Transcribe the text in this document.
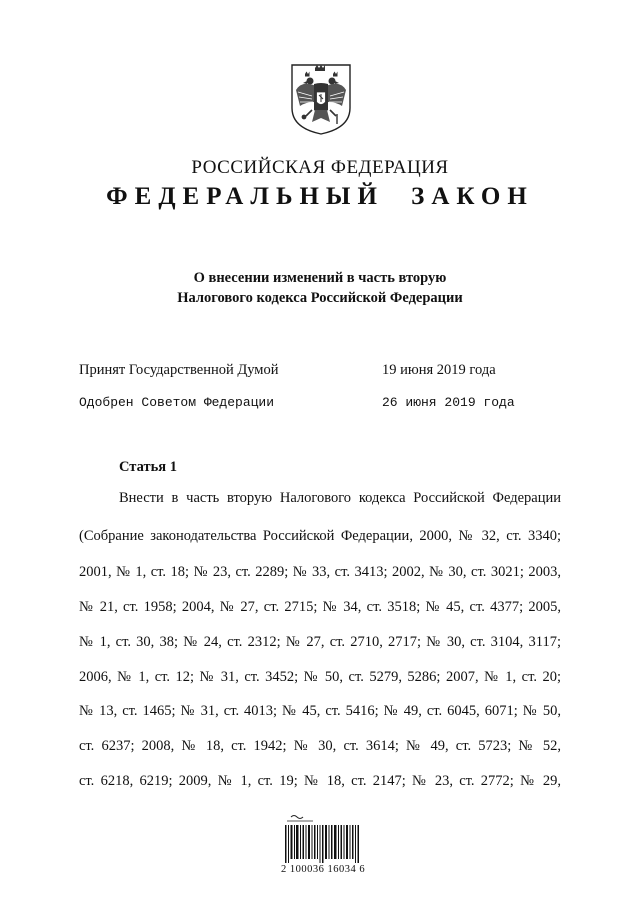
РОССИЙСКАЯ ФЕДЕРАЦИЯ
ФЕДЕРАЛЬНЫЙ ЗАКОН
О внесении изменений в часть вторую
Налогового кодекса Российской Федерации
Принят Государственной Думой	19 июня 2019 года
Одобрен Советом Федерации	26 июня 2019 года
Статья 1
Внести в часть вторую Налогового кодекса Российской Федерации
(Собрание законодательства Российской Федерации, 2000, № 32, ст. 3340;
2001, № 1, ст. 18; № 23, ст. 2289; № 33, ст. 3413; 2002, № 30, ст. 3021; 2003,
№ 21, ст. 1958; 2004, № 27, ст. 2715; № 34, ст. 3518; № 45, ст. 4377; 2005,
№ 1, ст. 30, 38; № 24, ст. 2312; № 27, ст. 2710, 2717; № 30, ст. 3104, 3117;
2006, № 1, ст. 12; № 31, ст. 3452; № 50, ст. 5279, 5286; 2007, № 1, ст. 20;
№ 13, ст. 1465; № 31, ст. 4013; № 45, ст. 5416; № 49, ст. 6045, 6071; № 50,
ст. 6237; 2008, № 18, ст. 1942; № 30, ст. 3614; № 49, ст. 5723; № 52,
ст. 6218, 6219; 2009, № 1, ст. 19; № 18, ст. 2147; № 23, ст. 2772; № 29,
2 100036 16034 6
